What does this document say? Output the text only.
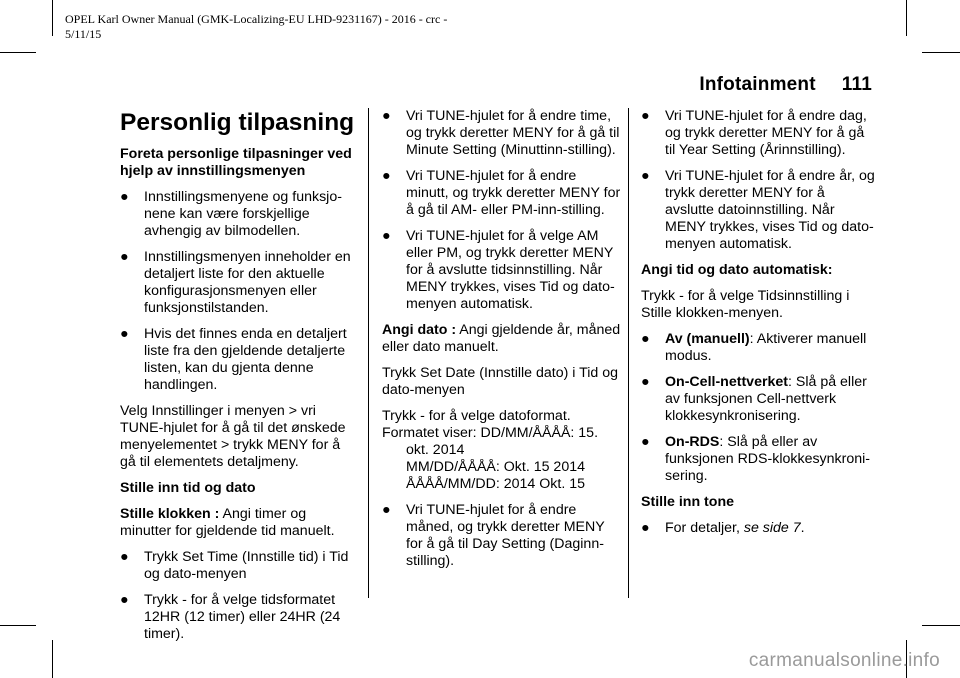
OPEL Karl Owner Manual (GMK-Localizing-EU LHD-9231167) - 2016 - crc -
5/11/15
Infotainment 111
Personlig tilpasning
Foreta personlige tilpasninger ved hjelp av innstillingsmenyen
● Innstillingsmenyene og funksjo-nene kan være forskjellige avhengig av bilmodellen.
● Innstillingsmenyen inneholder en detaljert liste for den aktuelle konfigurasjonsmenyen eller funksjonstilstanden.
● Hvis det finnes enda en detaljert liste fra den gjeldende detaljerte listen, kan du gjenta denne handlingen.

Velg Innstillinger i menyen > vri TUNE-hjulet for å gå til det ønskede menyelementet > trykk MENY for å gå til elementets detaljmeny.

Stille inn tid og dato

Stille klokken : Angi timer og minutter for gjeldende tid manuelt.

● Trykk Set Time (Innstille tid) i Tid og dato-menyen
● Trykk - for å velge tidsformatet 12HR (12 timer) eller 24HR (24 timer).
● Vri TUNE-hjulet for å endre time, og trykk deretter MENY for å gå til Minute Setting (Minuttinn-stilling).
● Vri TUNE-hjulet for å endre minutt, og trykk deretter MENY for å gå til AM- eller PM-inn-stilling.
● Vri TUNE-hjulet for å velge AM eller PM, og trykk deretter MENY for å avslutte tidsinnstilling. Når MENY trykkes, vises Tid og dato-menyen automatisk.

Angi dato : Angi gjeldende år, måned eller dato manuelt.

Trykk Set Date (Innstille dato) i Tid og dato-menyen

Trykk - for å velge datoformat. Formatet viser: DD/MM/ÅÅÅÅ: 15.
okt. 2014
MM/DD/ÅÅÅÅ: Okt. 15 2014
ÅÅÅÅ/MM/DD: 2014 Okt. 15

● Vri TUNE-hjulet for å endre måned, og trykk deretter MENY for å gå til Day Setting (Daginn-stilling).
● Vri TUNE-hjulet for å endre dag, og trykk deretter MENY for å gå til Year Setting (Årinnstilling).
● Vri TUNE-hjulet for å endre år, og trykk deretter MENY for å avslutte datoinnstilling. Når MENY trykkes, vises Tid og dato-menyen automatisk.
Angi tid og dato automatisk:

Trykk - for å velge Tidsinnstilling i Stille klokken-menyen.

● Av (manuell): Aktiverer manuell modus.
● On-Cell-nettverket: Slå på eller av funksjonen Cell-nettverk klokkesynkronisering.
● On-RDS: Slå på eller av funksjonen RDS-klokkesynkroni-sering.
Stille inn tone
● For detaljer, se side 7.
carmanualsonline.info
